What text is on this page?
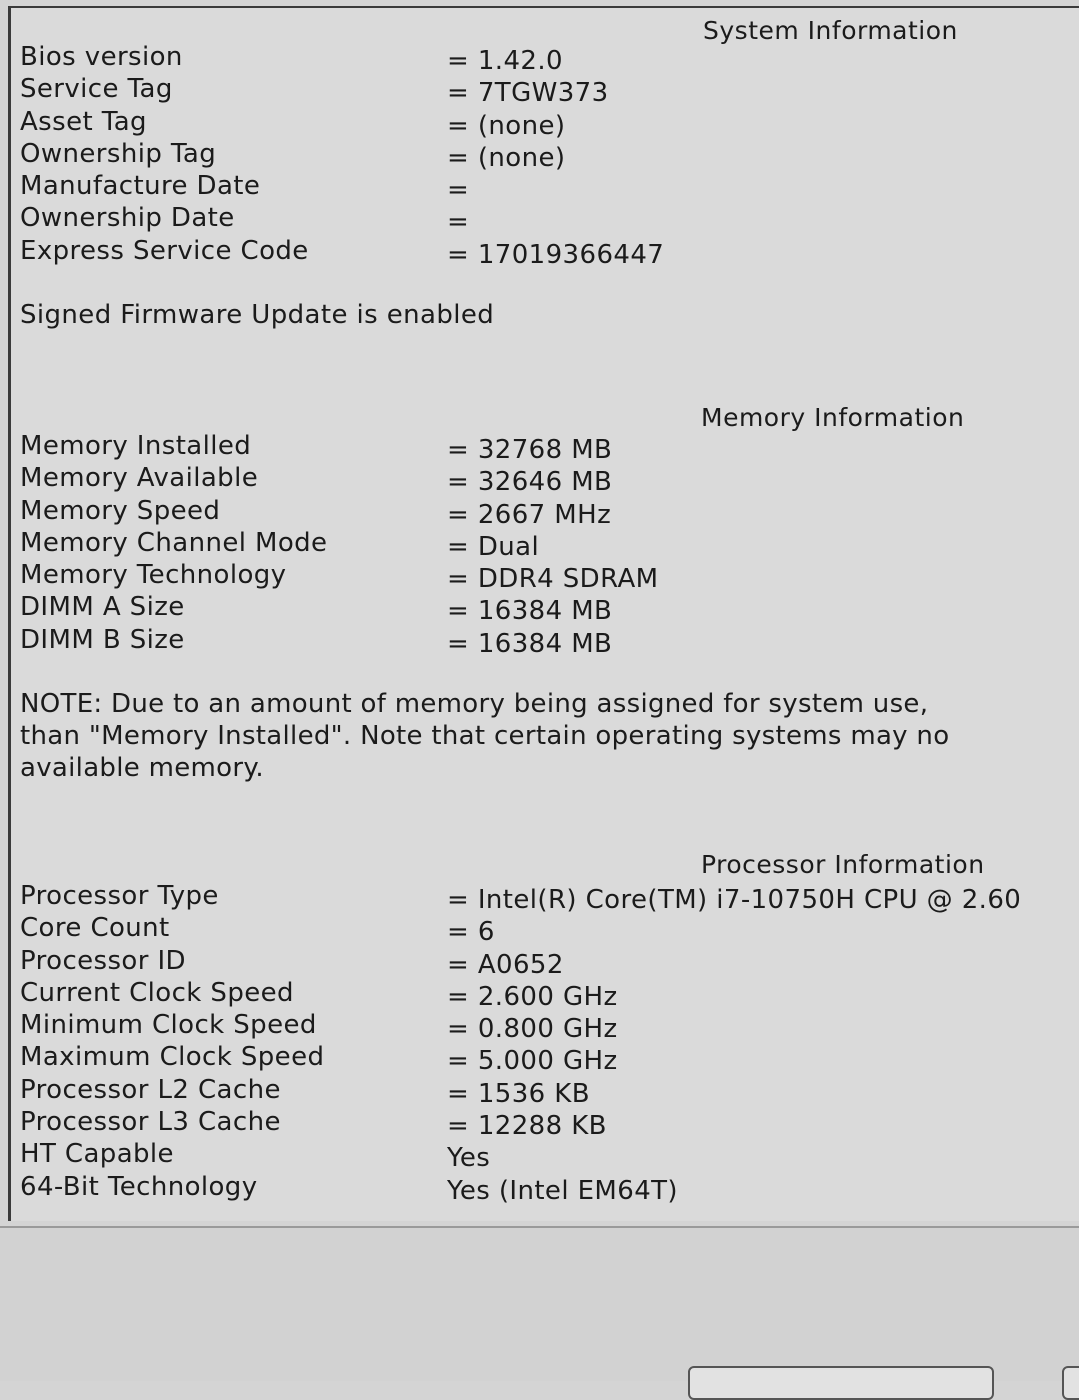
System Information
Bios version	= 1.42.0
Service Tag	= 7TGW373
Asset Tag	= (none)
Ownership Tag	= (none)
Manufacture Date	=
Ownership Date	=
Express Service Code	= 17019366447
Signed Firmware Update is enabled
Memory Information
Memory Installed	= 32768 MB
Memory Available	= 32646 MB
Memory Speed	= 2667 MHz
Memory Channel Mode	= Dual
Memory Technology	= DDR4 SDRAM
DIMM A Size	= 16384 MB
DIMM B Size	= 16384 MB
NOTE: Due to an amount of memory being assigned for system use,
than "Memory Installed". Note that certain operating systems may no
available memory.
Processor Information
Processor Type	= Intel(R) Core(TM) i7-10750H CPU @ 2.60
Core Count	= 6
Processor ID	= A0652
Current Clock Speed	= 2.600 GHz
Minimum Clock Speed	= 0.800 GHz
Maximum Clock Speed	= 5.000 GHz
Processor L2 Cache	= 1536 KB
Processor L3 Cache	= 12288 KB
HT Capable	Yes
64-Bit Technology	Yes (Intel EM64T)
